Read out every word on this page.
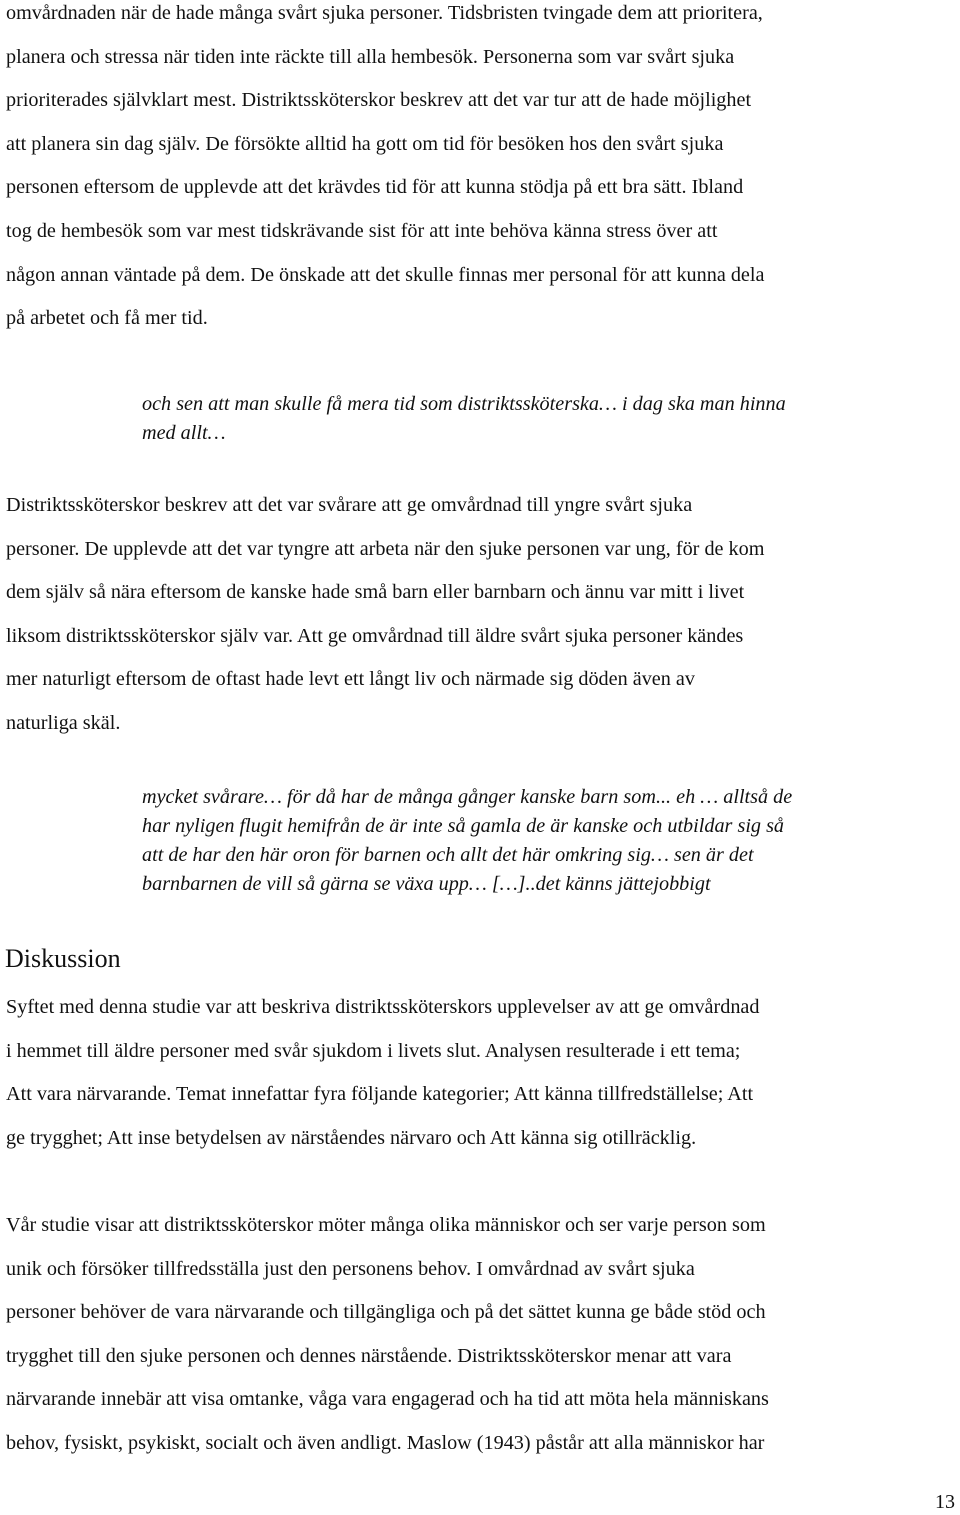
omvårdnaden när de hade många svårt sjuka personer. Tidsbristen tvingade dem att prioritera,
planera och stressa när tiden inte räckte till alla hembesök. Personerna som var svårt sjuka
prioriterades självklart mest. Distriktssköterskor beskrev att det var tur att de hade möjlighet
att planera sin dag själv. De försökte alltid ha gott om tid för besöken hos den svårt sjuka
personen eftersom de upplevde att det krävdes tid för att kunna stödja på ett bra sätt. Ibland
tog de hembesök som var mest tidskrävande sist för att inte behöva känna stress över att
någon annan väntade på dem. De önskade att det skulle finnas mer personal för att kunna dela
på arbetet och få mer tid.

och sen att man skulle få mera tid som distriktssköterska… i dag ska man hinna
med allt…

Distriktssköterskor beskrev att det var svårare att ge omvårdnad till yngre svårt sjuka
personer. De upplevde att det var tyngre att arbeta när den sjuke personen var ung, för de kom
dem själv så nära eftersom de kanske hade små barn eller barnbarn och ännu var mitt i livet
liksom distriktssköterskor själv var. Att ge omvårdnad till äldre svårt sjuka personer kändes
mer naturligt eftersom de oftast hade levt ett långt liv och närmade sig döden även av
naturliga skäl.

mycket svårare… för då har de många gånger kanske barn som... eh … alltså de
har nyligen flugit hemifrån de är inte så gamla de är kanske och utbildar sig så
att de har den här oron för barnen och allt det här omkring sig… sen är det
barnbarnen de vill så gärna se växa upp… […]..det känns jättejobbigt

Diskussion

Syftet med denna studie var att beskriva distriktssköterskors upplevelser av att ge omvårdnad
i hemmet till äldre personer med svår sjukdom i livets slut. Analysen resulterade i ett tema;
Att vara närvarande. Temat innefattar fyra följande kategorier; Att känna tillfredställelse; Att
ge trygghet; Att inse betydelsen av närståendes närvaro och Att känna sig otillräcklig.

Vår studie visar att distriktssköterskor möter många olika människor och ser varje person som
unik och försöker tillfredsställa just den personens behov. I omvårdnad av svårt sjuka
personer behöver de vara närvarande och tillgängliga och på det sättet kunna ge både stöd och
trygghet till den sjuke personen och dennes närstående. Distriktssköterskor menar att vara
närvarande innebär att visa omtanke, våga vara engagerad och ha tid att möta hela människans
behov, fysiskt, psykiskt, socialt och även andligt. Maslow (1943) påstår att alla människor har

13
